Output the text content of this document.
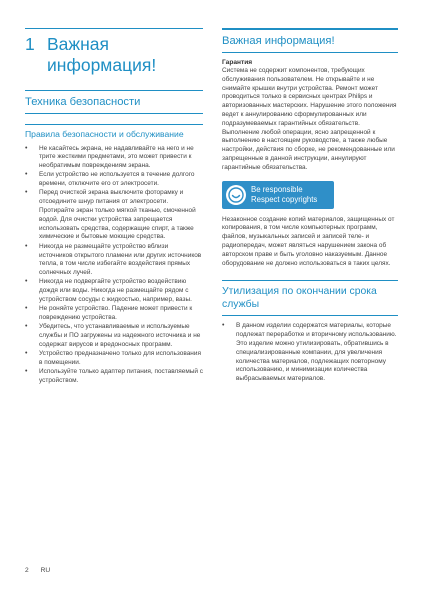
1 Важная информация!
Техника безопасности
Правила безопасности и обслуживание
• Не касайтесь экрана, не надавливайте на него и не трите жесткими предметами, это может привести к необратимым повреждениям экрана.
• Если устройство не используется в течение долгого времени, отключите его от электросети.
• Перед очисткой экрана выключите фоторамку и отсоедините шнур питания от электросети. Протирайте экран только мягкой тканью, смоченной водой. Для очистки устройства запрещается использовать средства, содержащие спирт, а также химические и бытовые моющие средства.
• Никогда не размещайте устройство вблизи источников открытого пламени или других источников тепла, в том числе избегайте воздействия прямых солнечных лучей.
• Никогда не подвергайте устройство воздействию дождя или воды. Никогда не размещайте рядом с устройством сосуды с жидкостью, например, вазы.
• Не роняйте устройство. Падение может привести к повреждению устройства.
• Убедитесь, что устанавливаемые и используемые службы и ПО загружены из надежного источника и не содержат вирусов и вредоносных программ.
• Устройство предназначено только для использования в помещении.
• Используйте только адаптер питания, поставляемый с устройством.
Важная информация!
Гарантия
Система не содержит компонентов, требующих обслуживания пользователем. Не открывайте и не снимайте крышки внутри устройства. Ремонт может проводиться только в сервисных центрах Philips и авторизованных мастерских. Нарушение этого положения ведет к аннулированию сформулированных или подразумеваемых гарантийных обязательств.
Выполнение любой операции, ясно запрещенной к выполнению в настоящем руководстве, а также любые настройки, действия по сборке, не рекомендованные или запрещенные в данной инструкции, аннулируют гарантийные обязательства.
Be responsible
Respect copyrights
Незаконное создание копий материалов, защищенных от копирования, в том числе компьютерных программ, файлов, музыкальных записей и записей теле- и радиопередач, может являться нарушением закона об авторском праве и быть уголовно наказуемым. Данное оборудование не должно использоваться в таких целях.
Утилизация по окончании срока службы
• В данном изделии содержатся материалы, которые подлежат переработке и вторичному использованию. Это изделие можно утилизировать, обратившись в специализированные компании, для увеличения количества материалов, подлежащих повторному использованию, и минимизации количества выбрасываемых материалов.
2 RU
